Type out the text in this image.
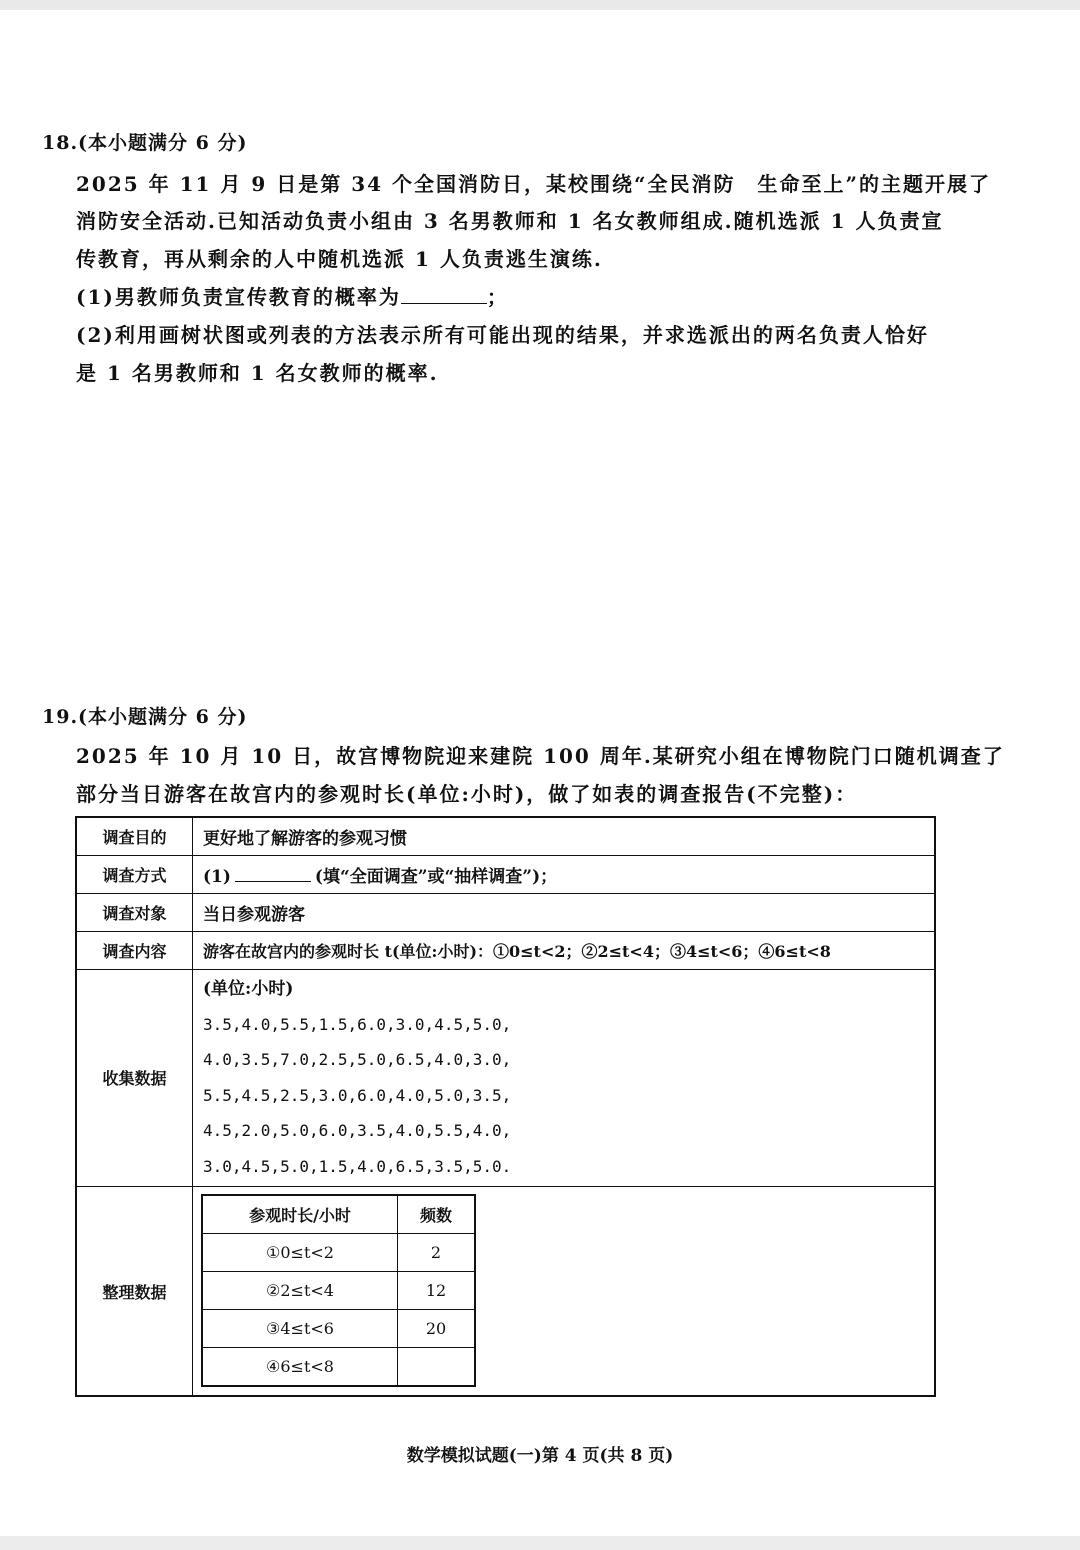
18.(本小题满分 6 分)
2025 年 11 月 9 日是第 34 个全国消防日，某校围绕“全民消防　生命至上”的主题开展了
消防安全活动.已知活动负责小组由 3 名男教师和 1 名女教师组成.随机选派 1 人负责宣
传教育，再从剩余的人中随机选派 1 人负责逃生演练.
(1)男教师负责宣传教育的概率为	；
(2)利用画树状图或列表的方法表示所有可能出现的结果，并求选派出的两名负责人恰好
是 1 名男教师和 1 名女教师的概率.
19.(本小题满分 6 分)
2025 年 10 月 10 日，故宫博物院迎来建院 100 周年.某研究小组在博物院门口随机调查了
部分当日游客在故宫内的参观时长(单位:小时)，做了如表的调查报告(不完整)：
调查目的	更好地了解游客的参观习惯
调查方式	(1)	(填“全面调查”或“抽样调查”)；
调查对象	当日参观游客
调查内容	游客在故宫内的参观时长 t(单位:小时)：①0≤t<2；②2≤t<4；③4≤t<6；④6≤t<8
收集数据	
(单位:小时)
3.5,4.0,5.5,1.5,6.0,3.0,4.5,5.0,
4.0,3.5,7.0,2.5,5.0,6.5,4.0,3.0,
5.5,4.5,2.5,3.0,6.0,4.0,5.0,3.5,
4.5,2.0,5.0,6.0,3.5,4.0,5.5,4.0,
3.0,4.5,5.0,1.5,4.0,6.5,3.5,5.0.

整理数据	
参观时长/小时	频数
①0≤t<2	2
②2≤t<4	12
③4≤t<6	20
④6≤t<8	
数学模拟试题(一)第 4 页(共 8 页)
